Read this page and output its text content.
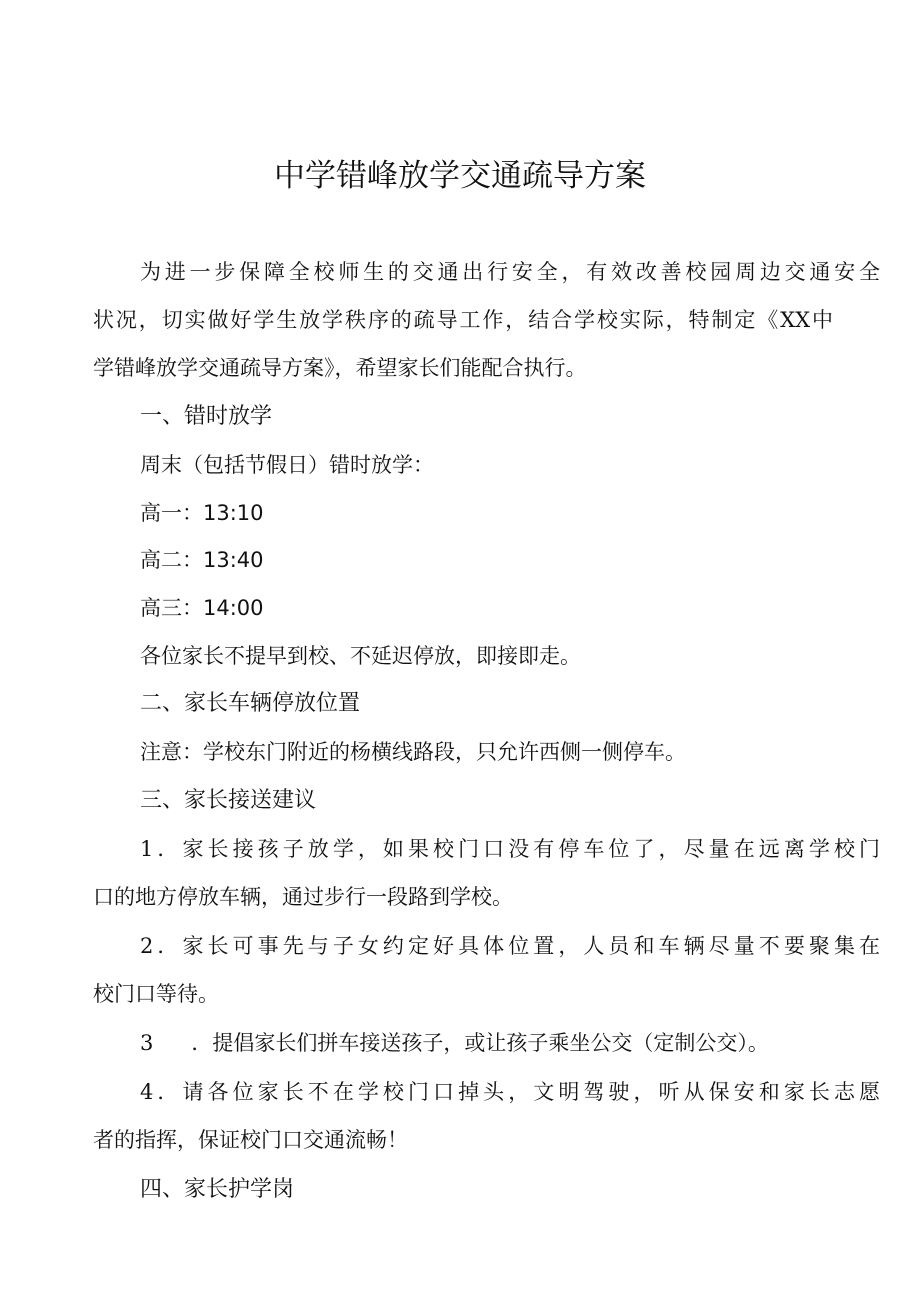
中学错峰放学交通疏导方案
为进一步保障全校师生的交通出行安全，有效改善校园周边交通安全
状况，切实做好学生放学秩序的疏导工作，结合学校实际，特制定《XX中
学错峰放学交通疏导方案》，希望家长们能配合执行。
一、错时放学
周末（包括节假日）错时放学：
高一：13:10
高二：13:40
高三：14:00
各位家长不提早到校、不延迟停放，即接即走。
二、家长车辆停放位置
注意：学校东门附近的杨横线路段，只允许西侧一侧停车。
三、家长接送建议
1．家长接孩子放学，如果校门口没有停车位了，尽量在远离学校门
口的地方停放车辆，通过步行一段路到学校。
2．家长可事先与子女约定好具体位置，人员和车辆尽量不要聚集在
校门口等待。
3 ．提倡家长们拼车接送孩子，或让孩子乘坐公交（定制公交）。
4．请各位家长不在学校门口掉头，文明驾驶，听从保安和家长志愿
者的指挥，保证校门口交通流畅！
四、家长护学岗
